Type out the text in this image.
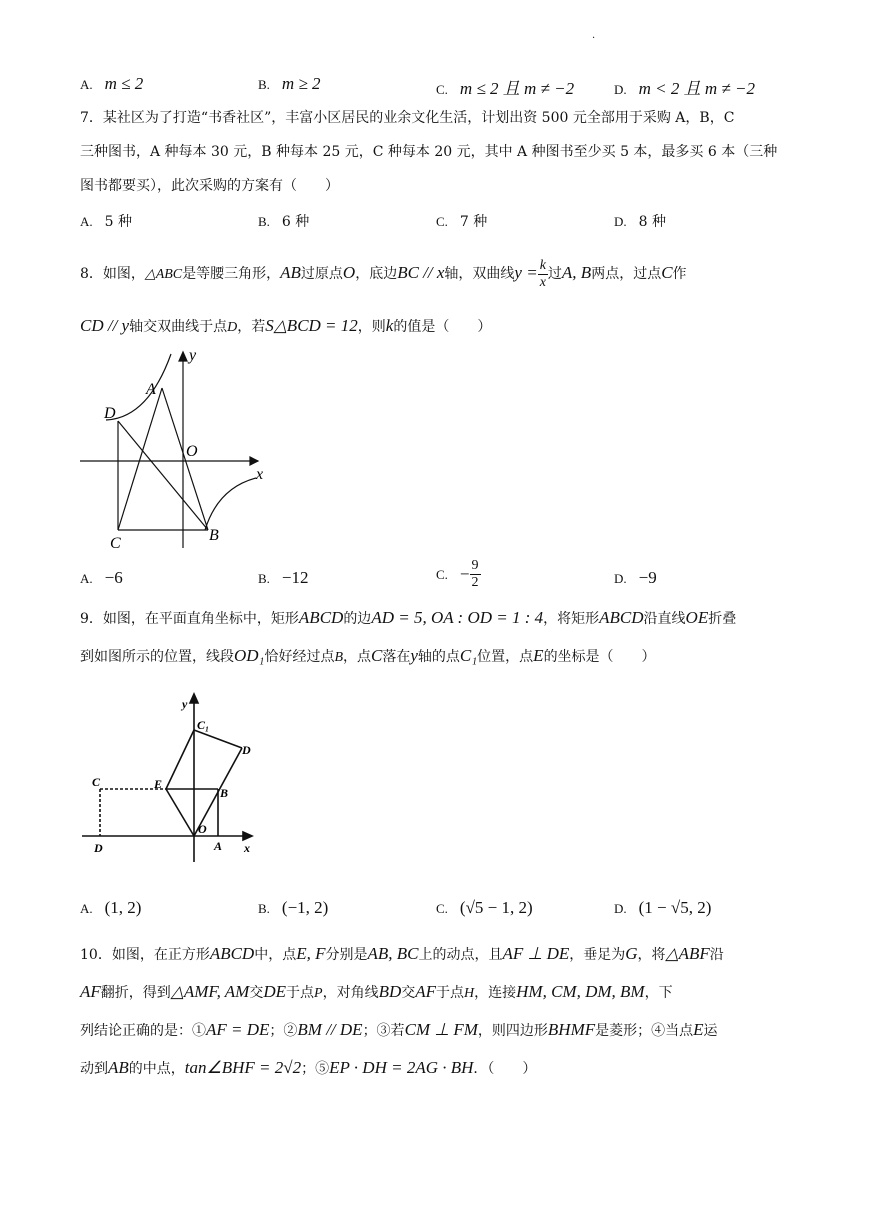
.
A. m ≤ 2	B. m ≥ 2	C. m ≤ 2 且 m ≠ −2	D. m < 2 且 m ≠ −2
7．某社区为了打造“书香社区”，丰富小区居民的业余文化生活，计划出资 500 元全部用于采购 A，B，C
三种图书，A 种每本 30 元，B 种每本 25 元，C 种每本 20 元，其中 A 种图书至少买 5 本，最多买 6 本（三种
图书都要买），此次采购的方案有（　　）
A. 5 种	B. 6 种	C. 7 种	D. 8 种
8．如图，△ABC是等腰三角形，AB过原点O，底边BC // x轴，双曲线$y = \frac{k}{x}$ 过A, B两点，过点C作
CD // y轴交双曲线于点D，若S△BCD = 12，则k的值是（　　）
y
x
A
D
O
C	B
A. −6	B. −12	C. − $\frac{9}{2}$	D. −9
9．如图，在平面直角坐标中，矩形ABCD的边AD = 5, OA : OD = 1 : 4，将矩形ABCD沿直线OE折叠
到如图所示的位置，线段OD₁恰好经过点B，点C落在y轴的点C₁位置，点E的坐标是（　　）
y
x
C₁
D
C	E
B
O
A
D
A. (1, 2)	B. (−1, 2)	C. (√5 − 1, 2)	D. (1 − √5, 2)
10．如图，在正方形ABCD中，点E, F分别是AB, BC上的动点，且AF ⊥ DE，垂足为G，将△ABF沿
AF翻折，得到△AMF, AM交DE于点P，对角线BD交AF于点H，连接HM, CM, DM, BM，下
列结论正确的是：①AF = DE；②BM // DE；③若CM ⊥ FM，则四边形BHMF是菱形；④当点E运
动到AB的中点，tan∠BHF = 2√2；⑤EP · DH = 2AG · BH．（　　）
